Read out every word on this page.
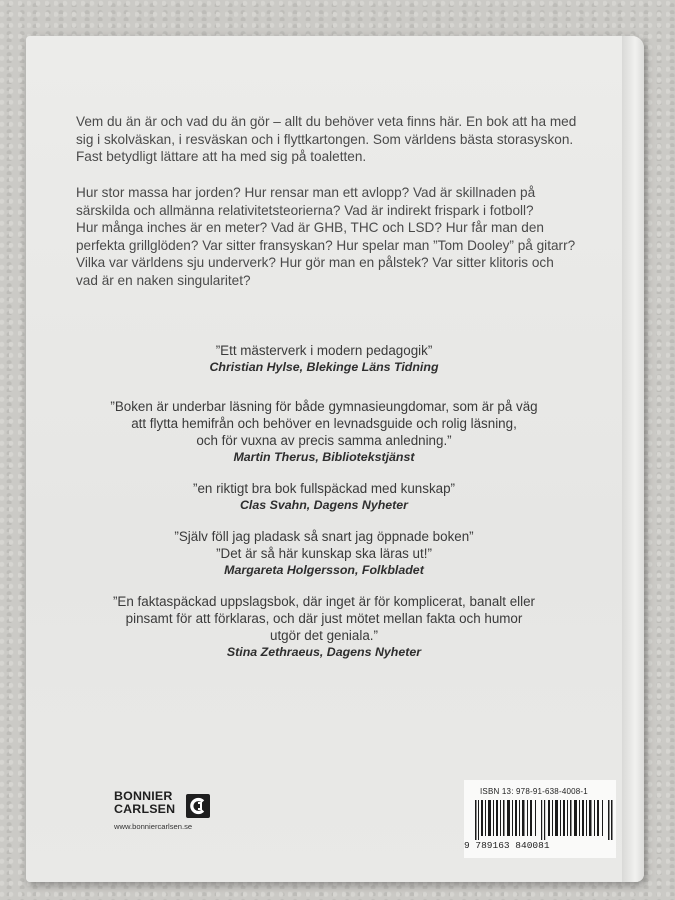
Vem du än är och vad du än gör – allt du behöver veta finns här. En bok att ha med
sig i skolväskan, i resväskan och i flyttkartongen. Som världens bästa storasyskon.
Fast betydligt lättare att ha med sig på toaletten.

Hur stor massa har jorden? Hur rensar man ett avlopp? Vad är skillnaden på
särskilda och allmänna relativitetsteorierna? Vad är indirekt frispark i fotboll?
Hur många inches är en meter? Vad är GHB, THC och LSD? Hur får man den
perfekta grillglöden? Var sitter fransyskan? Hur spelar man ”Tom Dooley” på gitarr?
Vilka var världens sju underverk? Hur gör man en pålstek? Var sitter klitoris och
vad är en naken singularitet?

”Ett mästerverk i modern pedagogik”
Christian Hylse, Blekinge Läns Tidning
”Boken är underbar läsning för både gymnasieungdomar, som är på väg
att flytta hemifrån och behöver en levnadsguide och rolig läsning,
och för vuxna av precis samma anledning.”
Martin Therus, Bibliotekstjänst
”en riktigt bra bok fullspäckad med kunskap”
Clas Svahn, Dagens Nyheter
”Själv föll jag pladask så snart jag öppnade boken”
”Det är så här kunskap ska läras ut!”
Margareta Holgersson, Folkbladet
”En faktaspäckad uppslagsbok, där inget är för komplicerat, banalt eller
pinsamt för att förklaras, och där just mötet mellan fakta och humor
utgör det geniala.”
Stina Zethraeus, Dagens Nyheter
BONNIER
CARLSEN
www.bonniercarlsen.se
ISBN 13: 978-91-638-4008-1
9 789163 840081
